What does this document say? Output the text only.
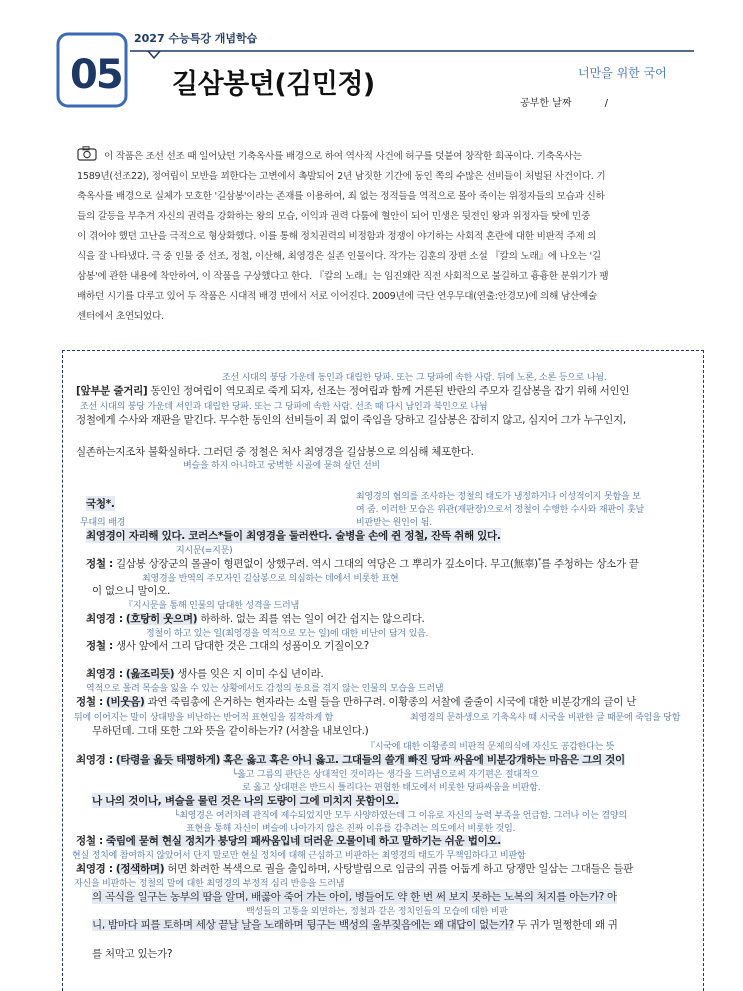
2027 수능특강 개념학습
05 길삼봉뎐(김민정)	너만을 위한 국어
공부한 날짜	/
이 작품은 조선 선조 때 일어났던 기축옥사를 배경으로 하여 역사적 사건에 허구를 덧붙여 창작한 희곡이다. 기축옥사는
1589년(선조22), 정여립이 모반을 꾀한다는 고변에서 촉발되어 2년 남짓한 기간에 동인 쪽의 수많은 선비들이 처벌된 사건이다. 기
축옥사를 배경으로 실체가 모호한 '길삼봉'이라는 존재를 이용하여, 죄 없는 정적들을 역적으로 몰아 죽이는 위정자들의 모습과 신하
들의 갈등을 부추겨 자신의 권력을 강화하는 왕의 모습, 이익과 권력 다툼에 혈안이 되어 민생은 뒷전인 왕과 위정자들 탓에 민중
이 겪어야 했던 고난을 극적으로 형상화했다. 이를 통해 정치권력의 비정함과 정쟁이 야기하는 사회적 혼란에 대한 비판적 주제 의
식을 잘 나타냈다. 극 중 인물 중 선조, 정철, 이산해, 최영경은 실존 인물이다. 작가는 김훈의 장편 소설 『칼의 노래』에 나오는 '길
삼봉'에 관한 내용에 착안하여, 이 작품을 구상했다고 한다. 『칼의 노래』는 임진왜란 직전 사회적으로 불길하고 흉흉한 분위기가 팽
배하던 시기를 다루고 있어 두 작품은 시대적 배경 면에서 서로 이어진다. 2009년에 극단 연우무대(연출:안경모)에 의해 남산예술
센터에서 초연되었다.
조선 시대의 붕당 가운데 동인과 대립한 당파. 또는 그 당파에 속한 사람. 뒤에 노론, 소론 등으로 나뉨.
[앞부분 줄거리] 동인인 정여립이 역모죄로 죽게 되자, 선조는 정여립과 함께 거론된 반란의 주모자 길삼봉을 잡기 위해 서인인
조선 시대의 붕당 가운데 서인과 대립한 당파. 또는 그 당파에 속한 사람. 선조 때 다시 남인과 북인으로 나뉨
정철에게 수사와 재판을 맡긴다. 무수한 동인의 선비들이 죄 없이 죽임을 당하고 길삼봉은 잡히지 않고, 심지어 그가 누구인지,
실존하는지조차 불확실하다. 그러던 중 정철은 처사 최영경을 길삼봉으로 의심해 체포한다.
벼슬을 하지 아니하고 궁벽한 시골에 묻혀 살던 선비
최영경의 혐의를 조사하는 정철의 태도가 냉정하거나 이성적이지 못함을 보
여 줌. 이러한 모습은 위관(재판장)으로서 정철이 수행한 수사와 재판이 훗날
비판받는 원인이 됨.
국청*.
무대의 배경
최영경이 자리해 있다. 코러스*들이 최영경을 둘러싼다. 술병을 손에 쥔 정철, 잔뜩 취해 있다.
지시문(=지문)
정철 : 길삼봉 상장군의 몰골이 형편없이 상했구려. 역시 그대의 역당은 그 뿌리가 깊소이다. 무고(無辜)*를 주청하는 상소가 끝
최영경을 반역의 주모자인 길삼봉으로 의심하는 데에서 비롯한 표현
이 없으니 말이오.
『지시문을 통해 인물의 담대한 성격을 드러냄
최영경 : (호탕히 웃으며) 하하하. 없는 죄를 엮는 일이 여간 쉽지는 않으리다.
정철이 하고 있는 일(최영경을 역적으로 모는 일)에 대한 비난이 담겨 있음.
정철 : 생사 앞에서 그리 담대한 것은 그대의 성품이오 기질이오?
최영경 : (읊조리듯) 생사를 잊은 지 이미 수십 년이라.
역적으로 몰려 목숨을 잃을 수 있는 상황에서도 감정의 동요를 겪지 않는 인물의 모습을 드러냄
정철 : (비웃음) 과연 죽림총에 은거하는 현자라는 소릴 들을 만하구려. 이황종의 서찰에 줄줄이 시국에 대한 비분강개의 글이 난
뒤에 이어지는 말이 상대방을 비난하는 반어적 표현임을 짐작하게 함	최영경의 문하생으로 기축옥사 때 시국을 비판한 글 때문에 죽임을 당함
무하던데. 그대 또한 그와 뜻을 같이하는가? (서찰을 내보인다.)
『시국에 대한 이황종의 비판적 문제의식에 자신도 공감한다는 뜻
최영경 : (타령을 읊듯 태평하게) 혹은 옳고 혹은 아니 옳고. 그대들의 쓸개 빠진 당파 싸움에 비분강개하는 마음은 그의 것이
└옳고 그름의 판단은 상대적인 것이라는 생각을 드러냄으로써 자기편은 절대적으
로 옳고 상대편은 반드시 틀리다는 편협한 태도에서 비롯한 당파싸움을 비판함.
나 나의 것이나, 벼슬을 물린 것은 나의 도량이 그에 미치지 못함이오.
└최영경은 여러차례 관직에 제수되었지만 모두 사양하였는데 그 이유로 자신의 능력 부족을 언급함. 그러나 이는 겸양의
표현을 통해 자신이 벼슬에 나아가지 않은 진짜 이유를 감추려는 의도에서 비롯한 것임.
정철 : 죽림에 묻혀 현실 정치가 붕당의 패싸움입네 더러운 오물이네 하고 말하기는 쉬운 법이오.
현실 정치에 참여하지 않았어서 단지 말로만 현실 정치에 대해 근심하고 비판하는 최영경의 태도가 무책임하다고 비판함
최영경 : (정색하며) 허면 화려한 복색으로 궐을 출입하며, 사탕발림으로 임금의 귀를 어둡게 하고 당쟁만 일삼는 그대들은 들판
자신을 비판하는 정철의 말에 대한 최영경의 부정적 심리 반응을 드러냄
의 곡식을 일구는 농부의 땀을 알며, 배곯아 죽어 가는 아이, 병들어도 약 한 번 써 보지 못하는 노복의 처지를 아는가? 아
백성들의 고통을 외면하는, 정철과 같은 정치인들의 모습에 대한 비판
니, 밤마다 피를 토하며 세상 끝날 날을 노래하며 뒹구는 백성의 울부짖음에는 왜 대답이 없는가? 두 귀가 멀쩡한데 왜 귀
를 처막고 있는가?
